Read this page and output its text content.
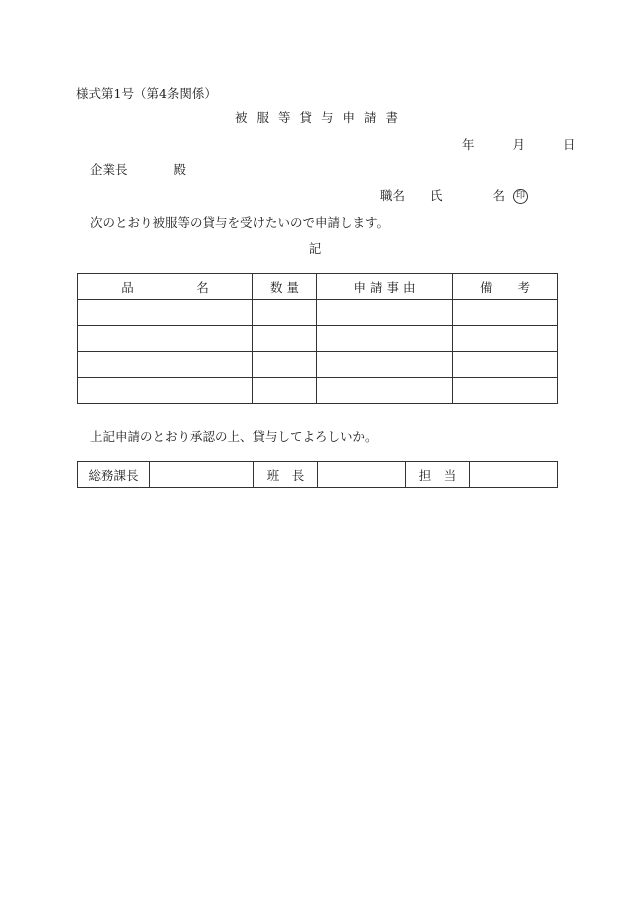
様式第1号（第4条関係）
被服等貸与申請書
年	月	日
企業長	殿
職名　　氏　　　　名 印
次のとおり被服等の貸与を受けたいので申請します。
記
品　　　　　名	数 量	申 請 事 由	備　　考

上記申請のとおり承認の上、貸与してよろしいか。
総務課長		班　長		担　当	
